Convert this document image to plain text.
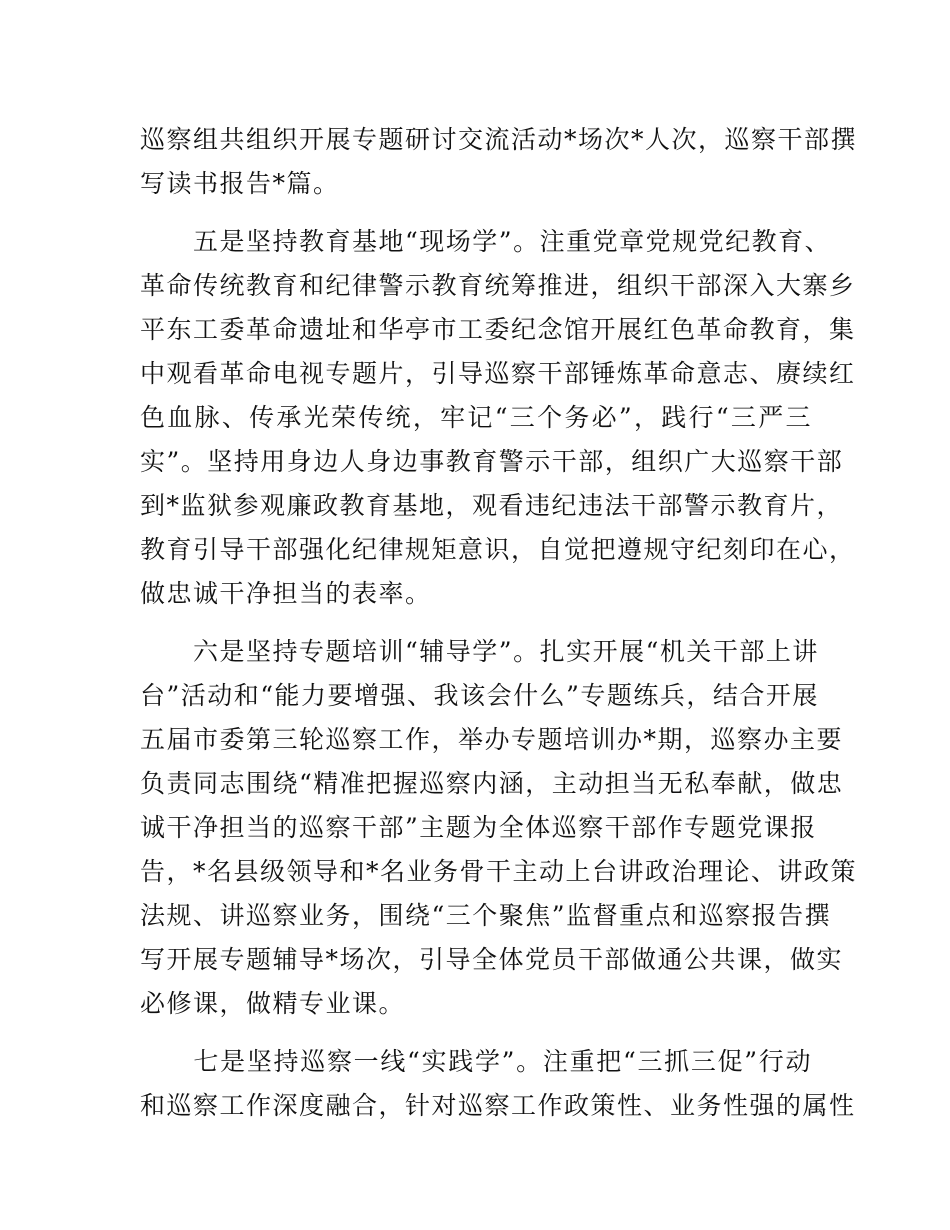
巡察组共组织开展专题研讨交流活动*场次*人次，巡察干部撰
写读书报告*篇。
　　五是坚持教育基地“现场学”。注重党章党规党纪教育、
革命传统教育和纪律警示教育统筹推进，组织干部深入大寨乡
平东工委革命遗址和华亭市工委纪念馆开展红色革命教育，集
中观看革命电视专题片，引导巡察干部锤炼革命意志、赓续红
色血脉、传承光荣传统，牢记“三个务必”，践行“三严三
实”。坚持用身边人身边事教育警示干部，组织广大巡察干部
到*监狱参观廉政教育基地，观看违纪违法干部警示教育片，
教育引导干部强化纪律规矩意识，自觉把遵规守纪刻印在心，
做忠诚干净担当的表率。
　　六是坚持专题培训“辅导学”。扎实开展“机关干部上讲
台”活动和“能力要增强、我该会什么”专题练兵，结合开展
五届市委第三轮巡察工作，举办专题培训办*期，巡察办主要
负责同志围绕“精准把握巡察内涵，主动担当无私奉献，做忠
诚干净担当的巡察干部”主题为全体巡察干部作专题党课报
告，*名县级领导和*名业务骨干主动上台讲政治理论、讲政策
法规、讲巡察业务，围绕“三个聚焦”监督重点和巡察报告撰
写开展专题辅导*场次，引导全体党员干部做通公共课，做实
必修课，做精专业课。
　　七是坚持巡察一线“实践学”。注重把“三抓三促”行动
和巡察工作深度融合，针对巡察工作政策性、业务性强的属性
